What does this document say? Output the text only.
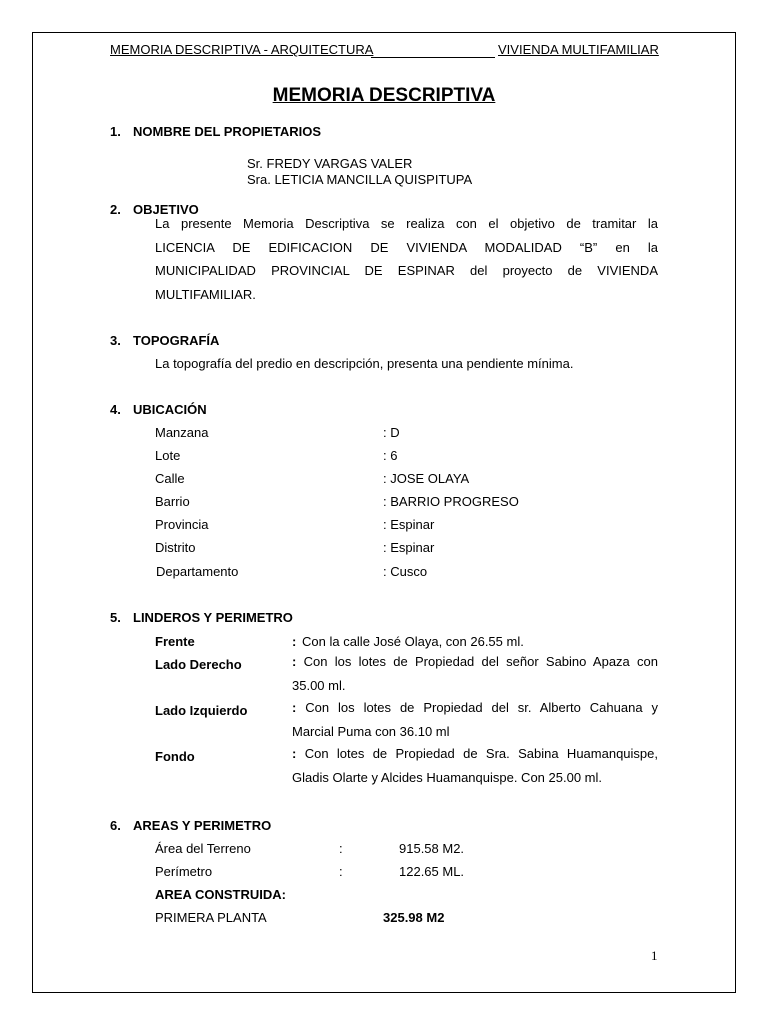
MEMORIA DESCRIPTIVA - ARQUITECTURA	VIVIENDA MULTIFAMILIAR
MEMORIA DESCRIPTIVA
1. NOMBRE DEL PROPIETARIOS
Sr. FREDY VARGAS VALER
Sra. LETICIA MANCILLA QUISPITUPA
2. OBJETIVO
La presente Memoria Descriptiva se realiza con el objetivo de tramitar la
LICENCIA DE EDIFICACION DE VIVIENDA MODALIDAD “B” en la
MUNICIPALIDAD PROVINCIAL DE ESPINAR del proyecto de VIVIENDA
MULTIFAMILIAR.
3. TOPOGRAFÍA
La topografía del predio en descripción, presenta una pendiente mínima.
4. UBICACIÓN
Manzana	: D
Lote	: 6
Calle	: JOSE OLAYA
Barrio	: BARRIO PROGRESO
Provincia	: Espinar
Distrito	: Espinar
Departamento	: Cusco
5. LINDEROS Y PERIMETRO
Frente	: Con la calle José Olaya, con 26.55 ml.
Lado Derecho	: Con los lotes de Propiedad del señor Sabino Apaza con
35.00 ml.
Lado Izquierdo	: Con los lotes de Propiedad del sr. Alberto Cahuana y
Marcial Puma con 36.10 ml
Fondo	: Con lotes de Propiedad de Sra. Sabina Huamanquispe,
Gladis Olarte y Alcides Huamanquispe. Con 25.00 ml.
6. AREAS Y PERIMETRO
Área del Terreno	:	915.58 M2.
Perímetro	:	122.65 ML.
AREA CONSTRUIDA:
PRIMERA PLANTA	325.98 M2
1
